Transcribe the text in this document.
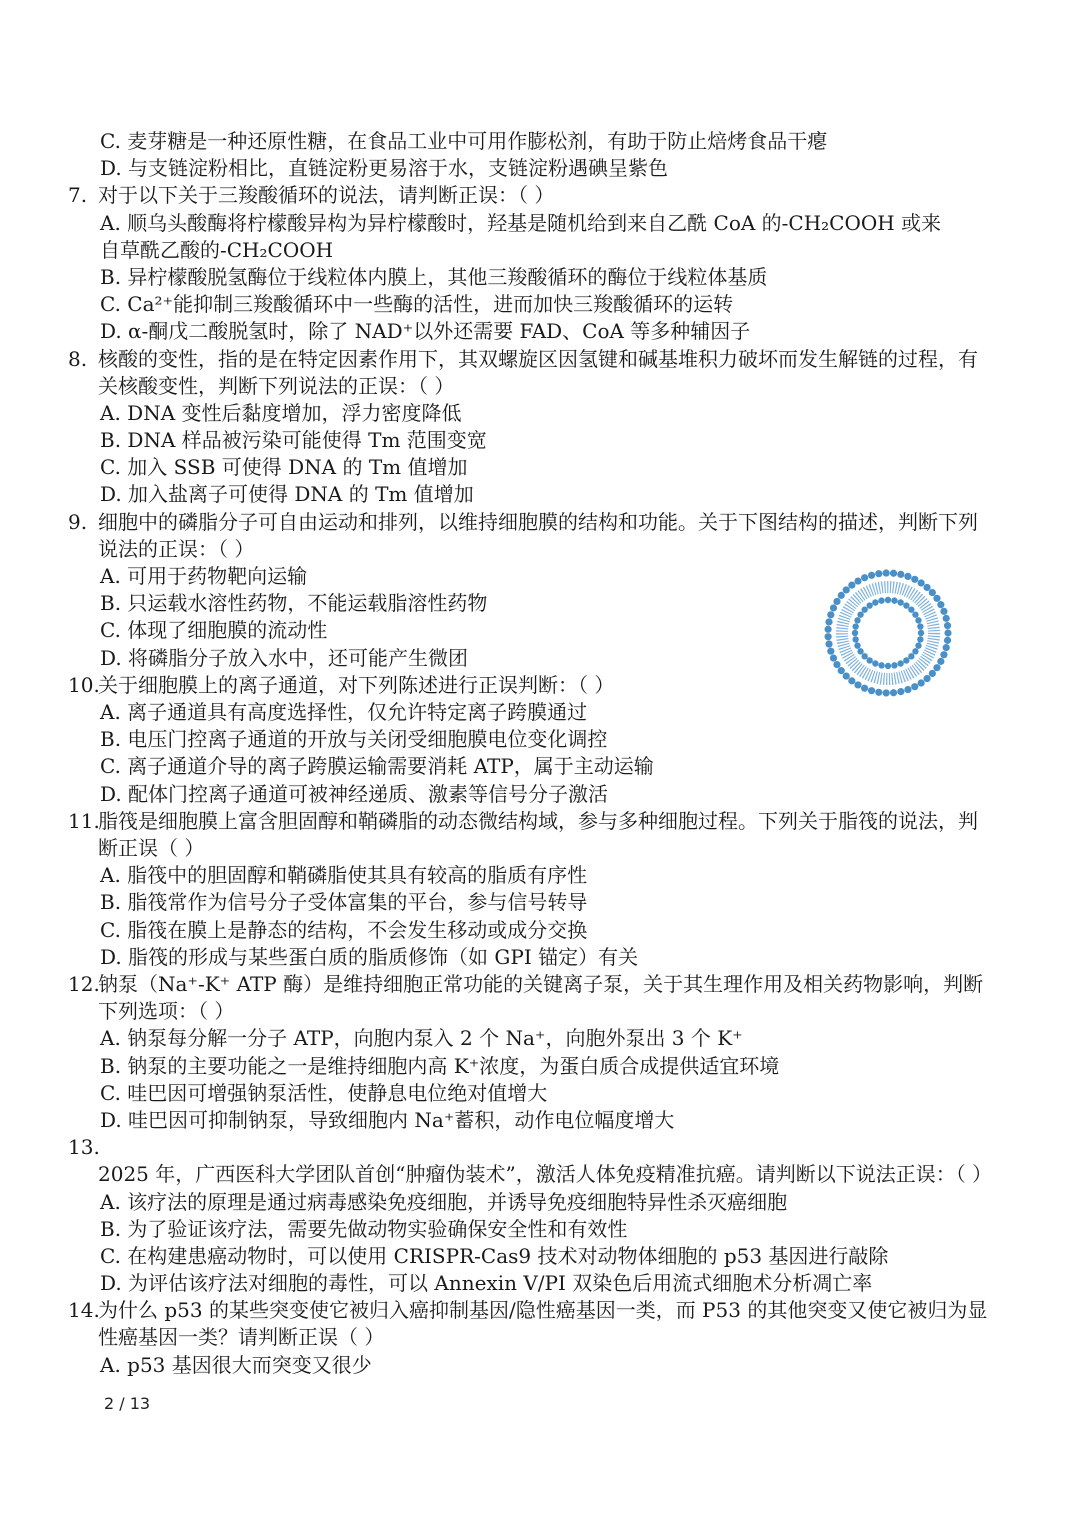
C. 麦芽糖是一种还原性糖，在食品工业中可用作膨松剂，有助于防止焙烤食品干瘪
D. 与支链淀粉相比，直链淀粉更易溶于水，支链淀粉遇碘呈紫色
7. 对于以下关于三羧酸循环的说法，请判断正误：（ ）
A. 顺乌头酸酶将柠檬酸异构为异柠檬酸时，羟基是随机给到来自乙酰 CoA 的-CH₂COOH 或来
自草酰乙酸的-CH₂COOH
B. 异柠檬酸脱氢酶位于线粒体内膜上，其他三羧酸循环的酶位于线粒体基质
C. Ca²⁺能抑制三羧酸循环中一些酶的活性，进而加快三羧酸循环的运转
D. α-酮戊二酸脱氢时，除了 NAD⁺以外还需要 FAD、CoA 等多种辅因子
8. 核酸的变性，指的是在特定因素作用下，其双螺旋区因氢键和碱基堆积力破坏而发生解链的过程，有关核酸变性，判断下列说法的正误：（ ）
A. DNA 变性后黏度增加，浮力密度降低
B. DNA 样品被污染可能使得 Tm 范围变宽
C. 加入 SSB 可使得 DNA 的 Tm 值增加
D. 加入盐离子可使得 DNA 的 Tm 值增加
9. 细胞中的磷脂分子可自由运动和排列，以维持细胞膜的结构和功能。关于下图结构的描述，判断下列说法的正误：（ ）
A. 可用于药物靶向运输
B. 只运载水溶性药物，不能运载脂溶性药物
C. 体现了细胞膜的流动性
D. 将磷脂分子放入水中，还可能产生微团
10.关于细胞膜上的离子通道，对下列陈述进行正误判断：（ ）
A. 离子通道具有高度选择性，仅允许特定离子跨膜通过
B. 电压门控离子通道的开放与关闭受细胞膜电位变化调控
C. 离子通道介导的离子跨膜运输需要消耗 ATP，属于主动运输
D. 配体门控离子通道可被神经递质、激素等信号分子激活
11.脂筏是细胞膜上富含胆固醇和鞘磷脂的动态微结构域，参与多种细胞过程。下列关于脂筏的说法，判断正误（ ）
A. 脂筏中的胆固醇和鞘磷脂使其具有较高的脂质有序性
B. 脂筏常作为信号分子受体富集的平台，参与信号转导
C. 脂筏在膜上是静态的结构，不会发生移动或成分交换
D. 脂筏的形成与某些蛋白质的脂质修饰（如 GPI 锚定）有关
12.钠泵（Na⁺-K⁺ ATP 酶）是维持细胞正常功能的关键离子泵，关于其生理作用及相关药物影响，判断下列选项：（ ）
A. 钠泵每分解一分子 ATP，向胞内泵入 2 个 Na⁺，向胞外泵出 3 个 K⁺
B. 钠泵的主要功能之一是维持细胞内高 K⁺浓度，为蛋白质合成提供适宜环境
C. 哇巴因可增强钠泵活性，使静息电位绝对值增大
D. 哇巴因可抑制钠泵，导致细胞内 Na⁺蓄积，动作电位幅度增大
13.2025 年，广西医科大学团队首创“肿瘤伪装术”，激活人体免疫精准抗癌。请判断以下说法正误：（ ）
A. 该疗法的原理是通过病毒感染免疫细胞，并诱导免疫细胞特异性杀灭癌细胞
B. 为了验证该疗法，需要先做动物实验确保安全性和有效性
C. 在构建患癌动物时，可以使用 CRISPR-Cas9 技术对动物体细胞的 p53 基因进行敲除
D. 为评估该疗法对细胞的毒性，可以 Annexin V/PI 双染色后用流式细胞术分析凋亡率
14.为什么 p53 的某些突变使它被归入癌抑制基因/隐性癌基因一类，而 P53 的其他突变又使它被归为显性癌基因一类？请判断正误（ ）
A. p53 基因很大而突变又很少
2 / 13
